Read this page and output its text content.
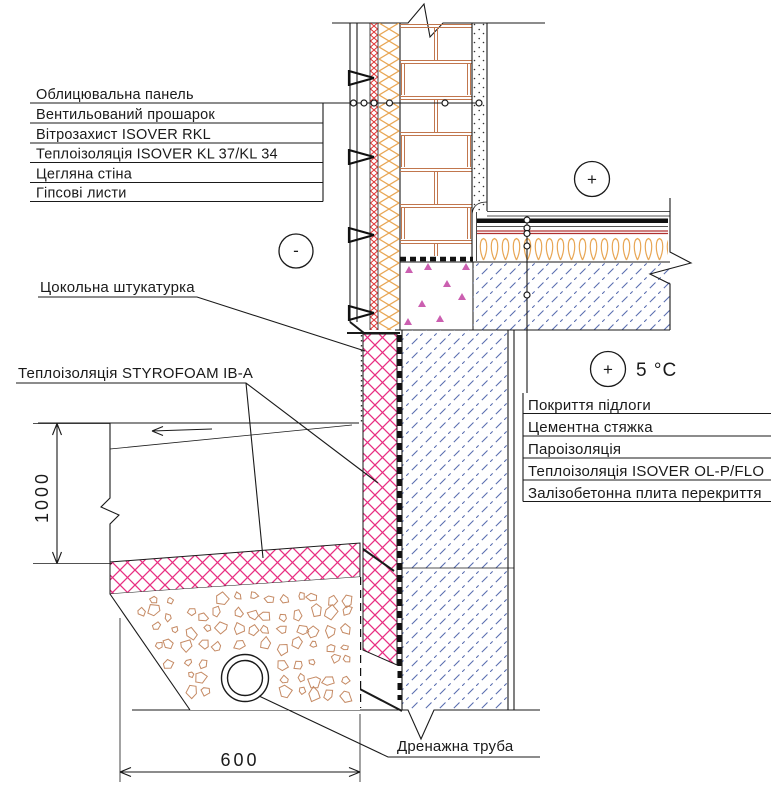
Облицювальна панель
Вентильований прошарок
Вітрозахист ISOVER RKL
Теплоізоляція ISOVER KL 37/KL 34
Цегляна стіна
Гіпсові листи
Покриття підлоги
Цементна стяжка
Пароізоляція
Теплоізоляція ISOVER OL-P/FLO
Залізобетонна плита перекриття
Цокольна штукатурка
Теплоізоляція STYROFOAM IB-A
Дренажна труба
-
+
+ 5 °C
1000
600
